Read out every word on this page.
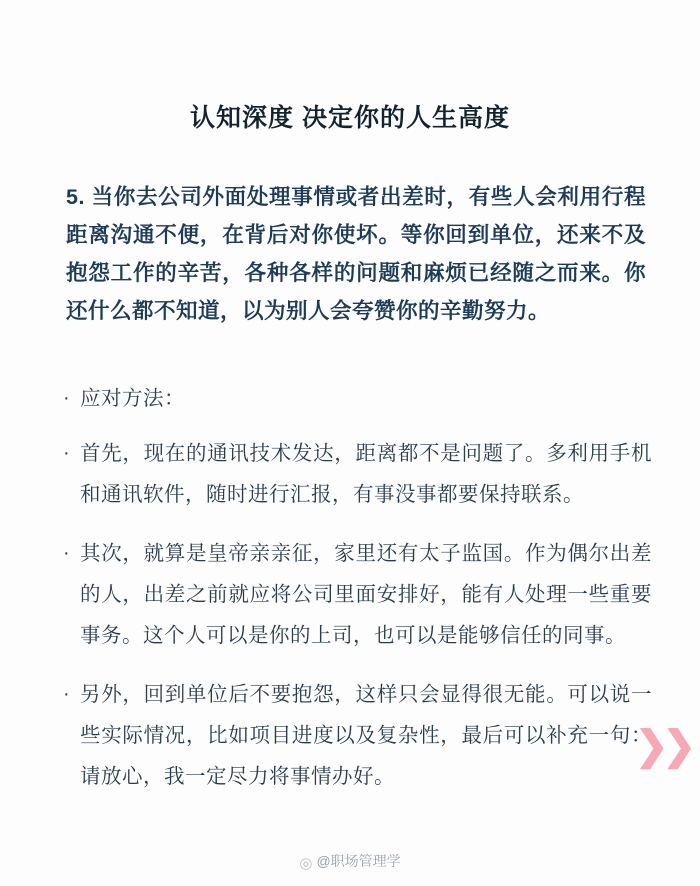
认知深度 决定你的人生高度
5. 当你去公司外面处理事情或者出差时，有些人会利用行程距离沟通不便，在背后对你使坏。等你回到单位，还来不及抱怨工作的辛苦，各种各样的问题和麻烦已经随之而来。你还什么都不知道，以为别人会夸赞你的辛勤努力。
· 应对方法：
· 首先，现在的通讯技术发达，距离都不是问题了。多利用手机和通讯软件，随时进行汇报，有事没事都要保持联系。
· 其次，就算是皇帝亲亲征，家里还有太子监国。作为偶尔出差的人，出差之前就应将公司里面安排好，能有人处理一些重要事务。这个人可以是你的上司，也可以是能够信任的同事。
· 另外，回到单位后不要抱怨，这样只会显得很无能。可以说一些实际情况，比如项目进度以及复杂性，最后可以补充一句：请放心，我一定尽力将事情办好。
❯❯
◎ @职场管理学
